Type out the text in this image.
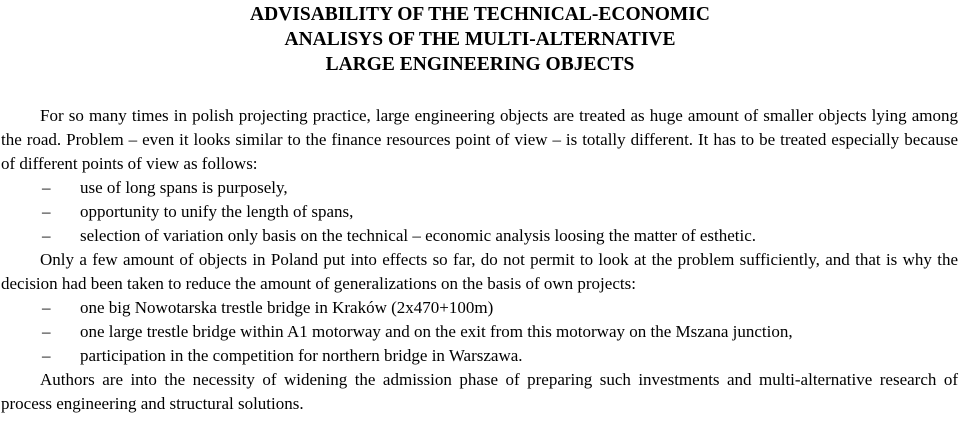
ADVISABILITY OF THE TECHNICAL-ECONOMIC
ANALISYS OF THE MULTI-ALTERNATIVE
LARGE ENGINEERING OBJECTS

For so many times in polish projecting practice, large engineering objects are treated as huge amount of smaller objects lying among the road. Problem – even it looks similar to the finance resources point of view – is totally different. It has to be treated especially because of different points of view as follows:

– use of long spans is purposely,
– opportunity to unify the length of spans,
– selection of variation only basis on the technical – economic analysis loosing the matter of esthetic.

Only a few amount of objects in Poland put into effects so far, do not permit to look at the problem sufficiently, and that is why the decision had been taken to reduce the amount of generalizations on the basis of own projects:

– one big Nowotarska trestle bridge in Kraków (2x470+100m)
– one large trestle bridge within A1 motorway and on the exit from this motorway on the Mszana junction,
– participation in the competition for northern bridge in Warszawa.

Authors are into the necessity of widening the admission phase of preparing such investments and multi-alternative research of process engineering and structural solutions.
